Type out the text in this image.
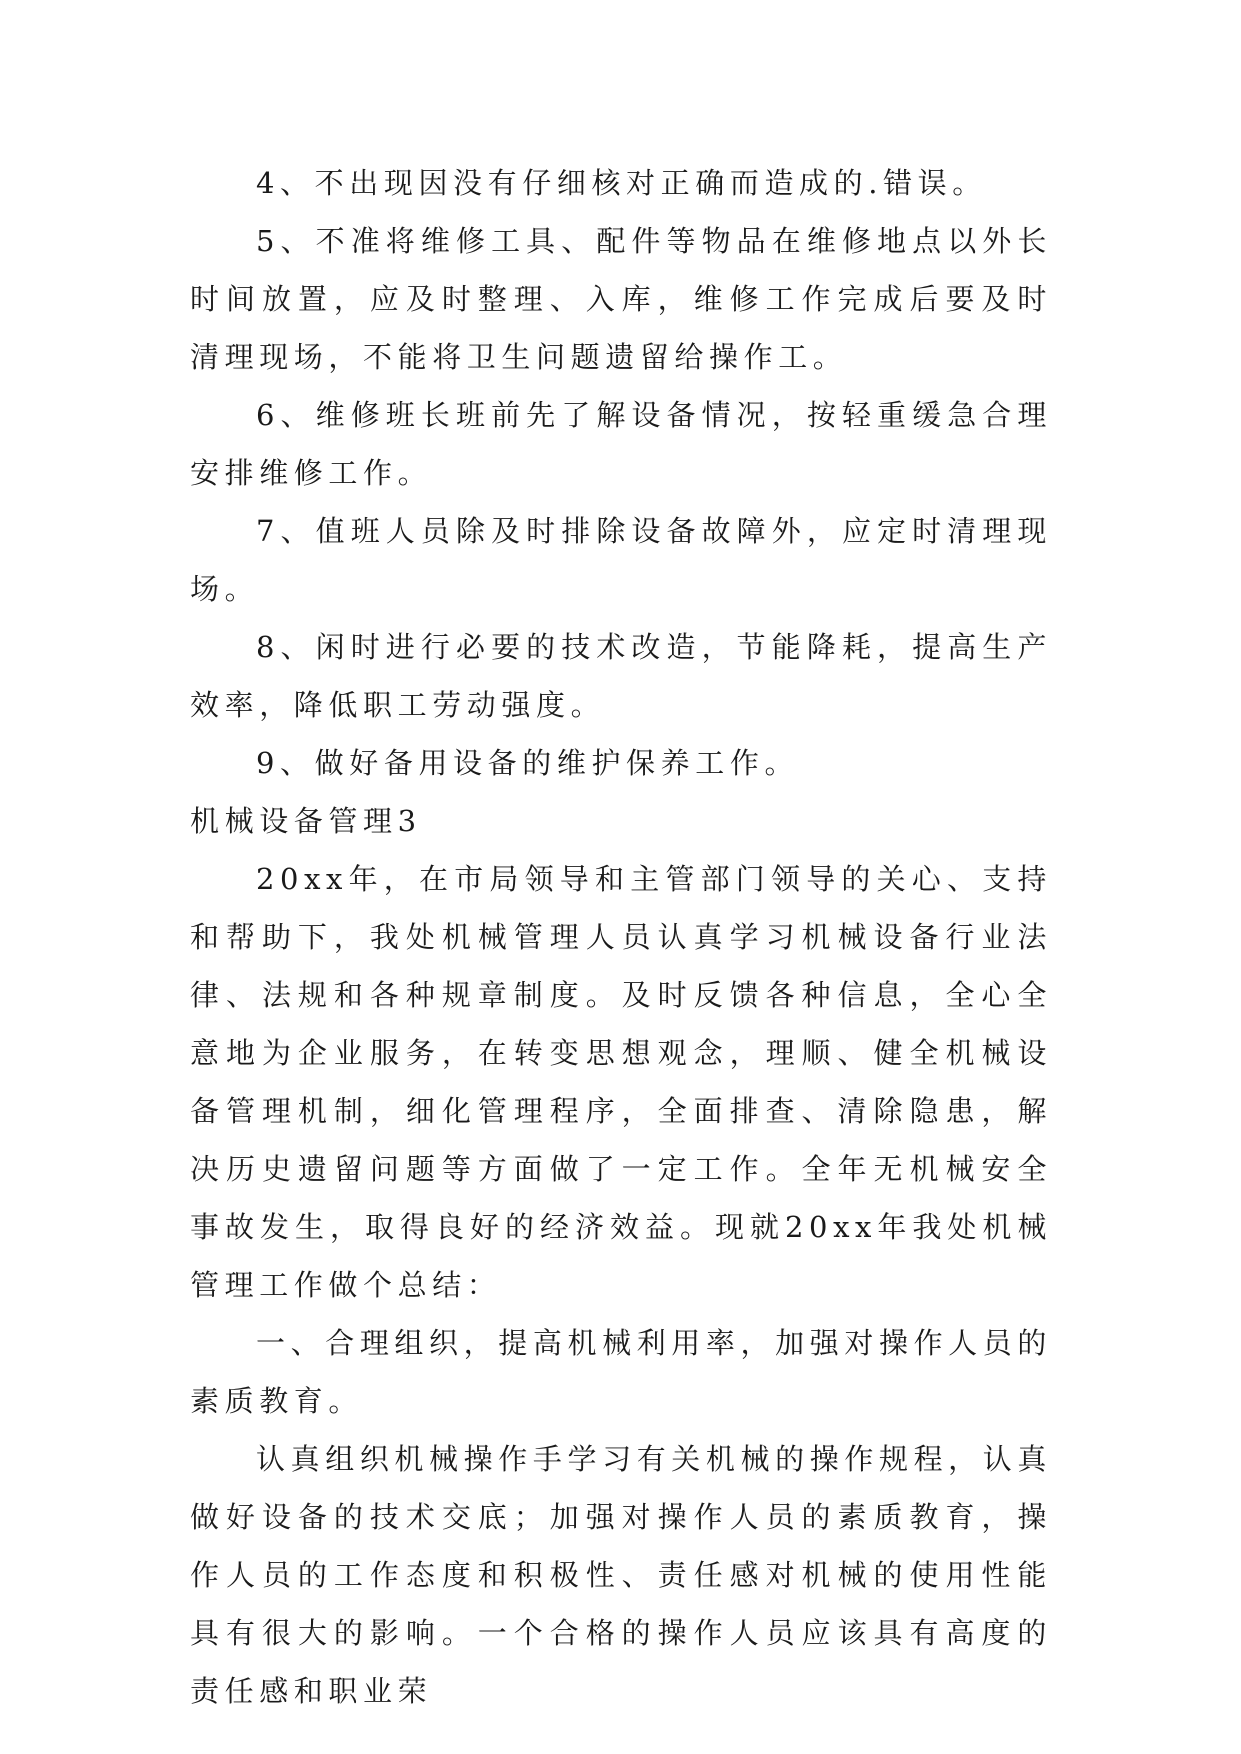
4、不出现因没有仔细核对正确而造成的.错误。

5、不准将维修工具、配件等物品在维修地点以外长时间放置，应及时整理、入库，维修工作完成后要及时清理现场，不能将卫生问题遗留给操作工。

6、维修班长班前先了解设备情况，按轻重缓急合理安排维修工作。

7、值班人员除及时排除设备故障外，应定时清理现场。

8、闲时进行必要的技术改造，节能降耗，提高生产效率，降低职工劳动强度。

9、做好备用设备的维护保养工作。

机械设备管理3

20xx年，在市局领导和主管部门领导的关心、支持和帮助下，我处机械管理人员认真学习机械设备行业法律、法规和各种规章制度。及时反馈各种信息，全心全意地为企业服务，在转变思想观念，理顺、健全机械设备管理机制，细化管理程序，全面排查、清除隐患，解决历史遗留问题等方面做了一定工作。全年无机械安全事故发生，取得良好的经济效益。现就20xx年我处机械管理工作做个总结：

一、合理组织，提高机械利用率，加强对操作人员的素质教育。

认真组织机械操作手学习有关机械的操作规程，认真做好设备的技术交底；加强对操作人员的素质教育，操作人员的工作态度和积极性、责任感对机械的使用性能具有很大的影响。一个合格的操作人员应该具有高度的责任感和职业荣
